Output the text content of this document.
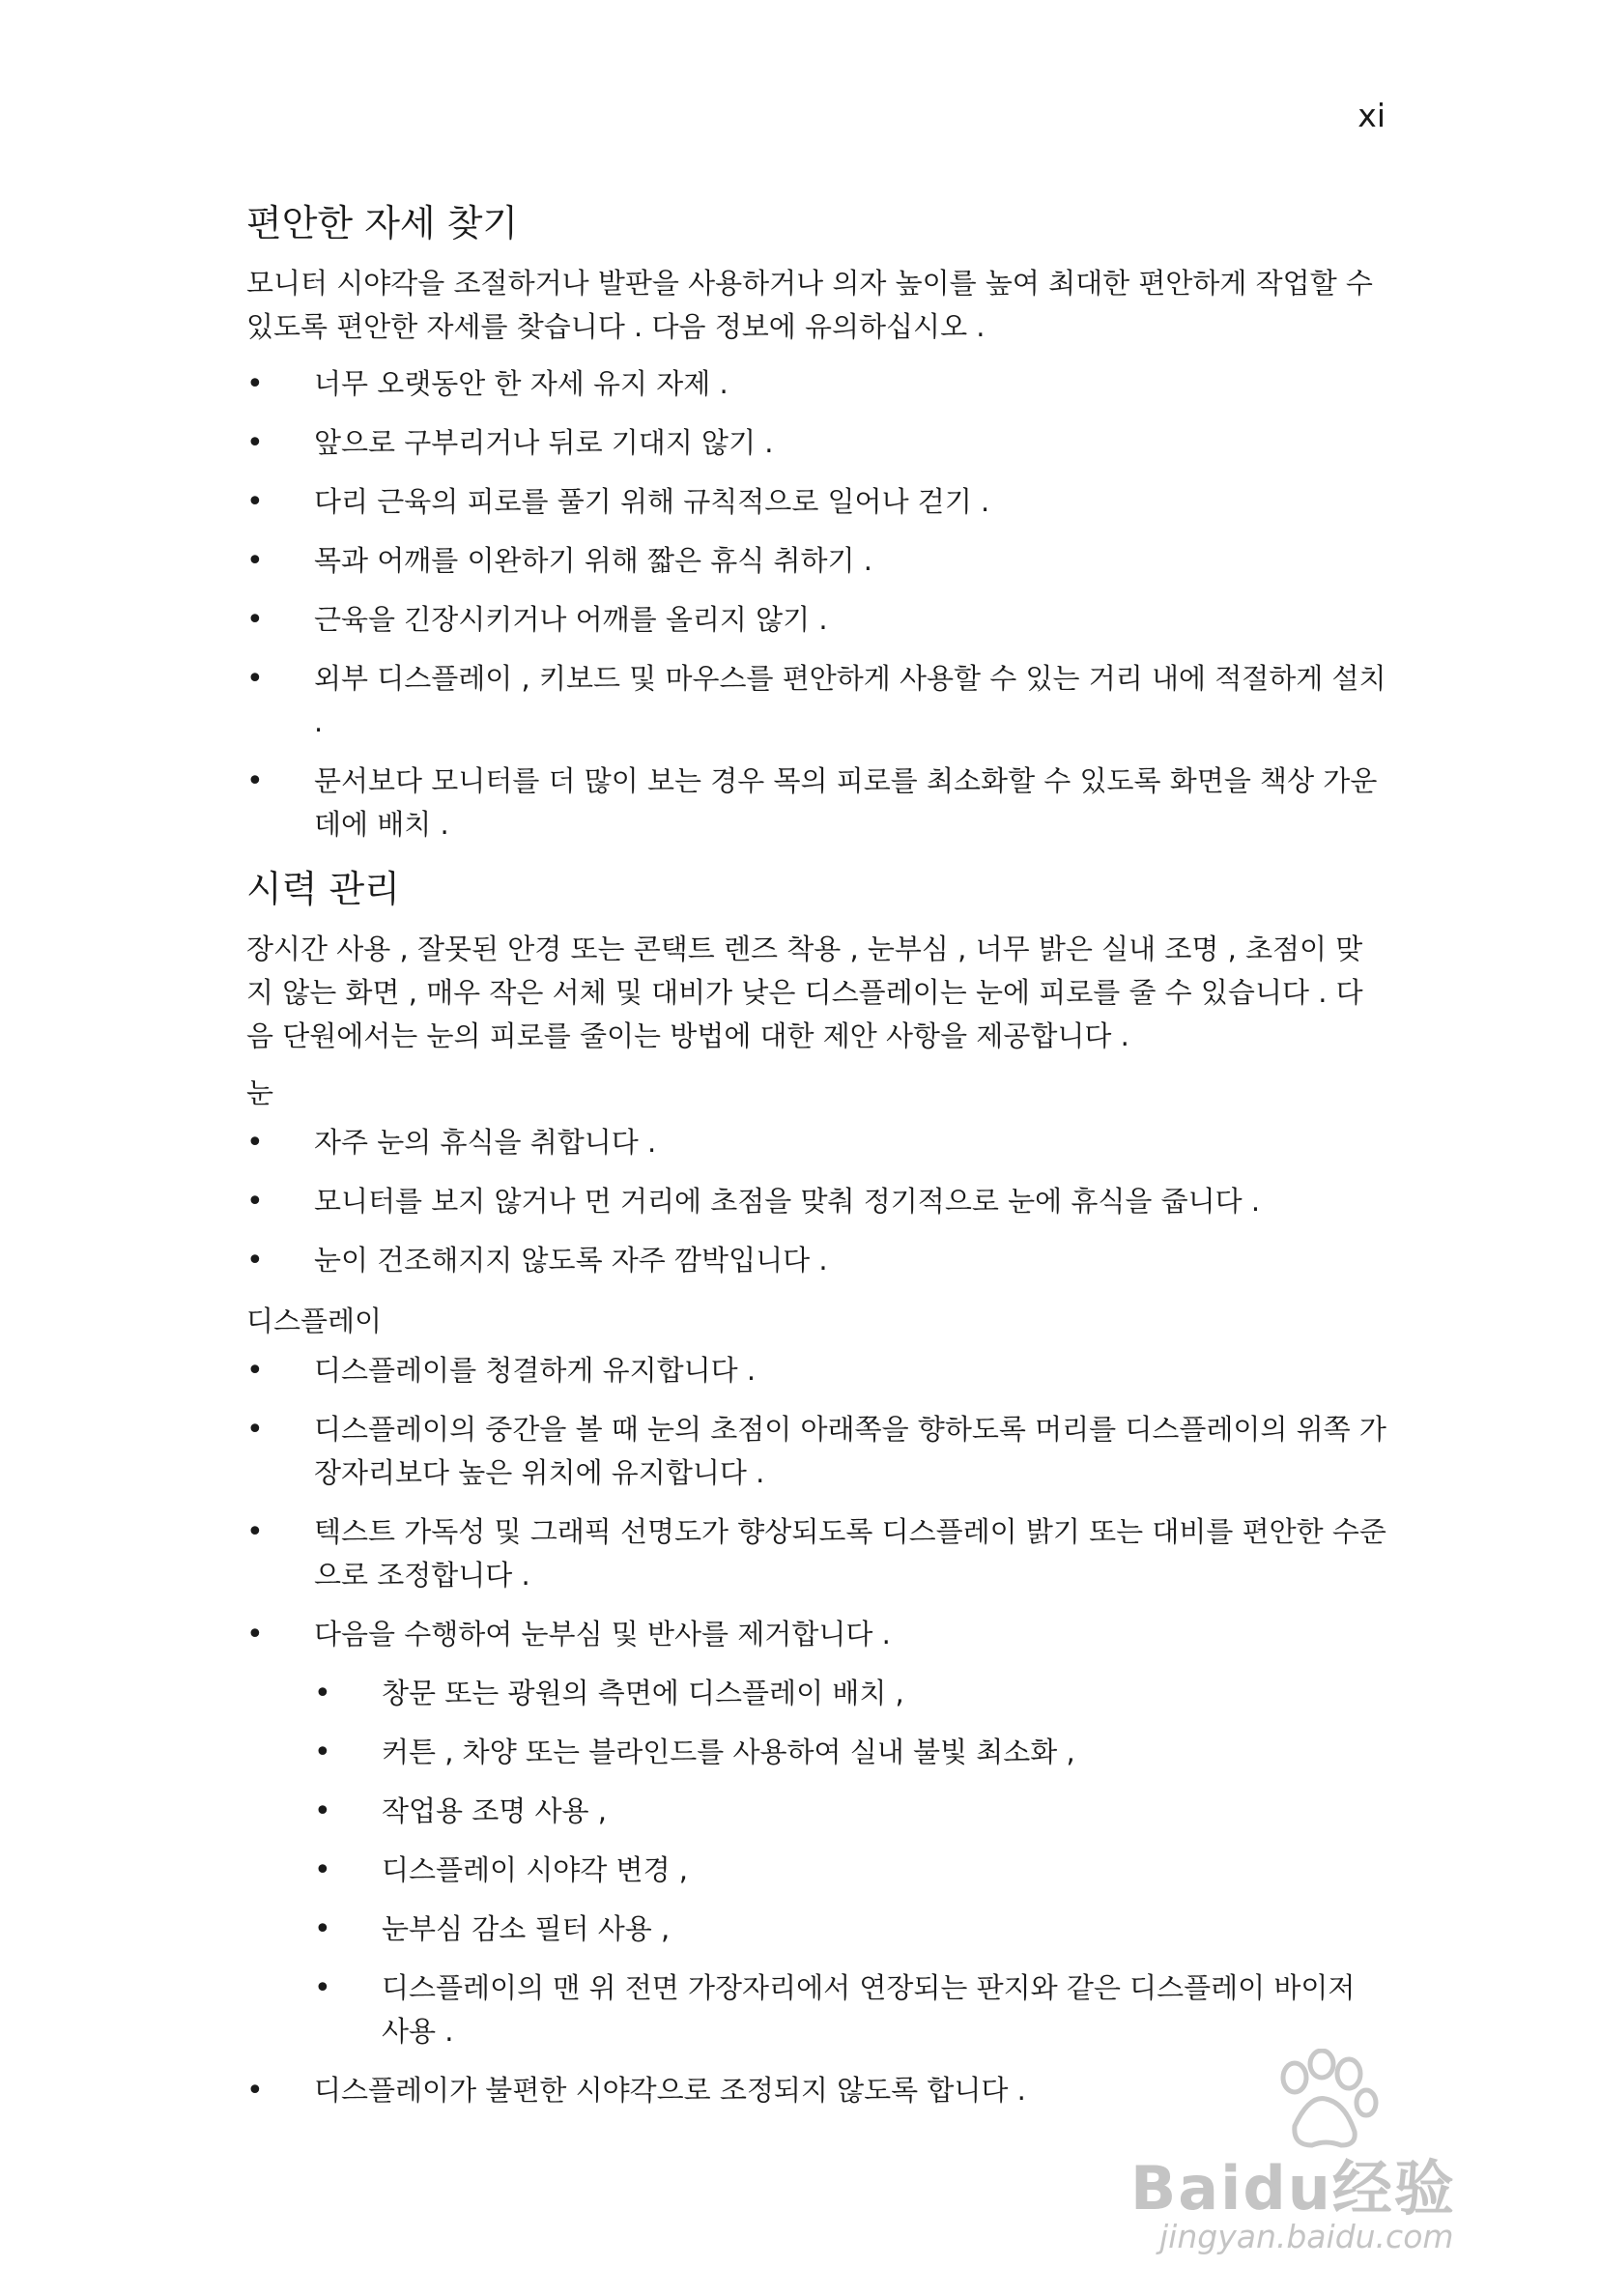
xi
편안한 자세 찾기

모니터 시야각을 조절하거나 발판을 사용하거나 의자 높이를 높여 최대한 편안하게 작업할 수 있도록 편안한 자세를 찾습니다 . 다음 정보에 유의하십시오 .

• 너무 오랫동안 한 자세 유지 자제 .
• 앞으로 구부리거나 뒤로 기대지 않기 .
• 다리 근육의 피로를 풀기 위해 규칙적으로 일어나 걷기 .
• 목과 어깨를 이완하기 위해 짧은 휴식 취하기 .
• 근육을 긴장시키거나 어깨를 올리지 않기 .
• 외부 디스플레이 , 키보드 및 마우스를 편안하게 사용할 수 있는 거리 내에 적절하게 설치 .
• 문서보다 모니터를 더 많이 보는 경우 목의 피로를 최소화할 수 있도록 화면을 책상 가운데에 배치 .
시력 관리

장시간 사용 , 잘못된 안경 또는 콘택트 렌즈 착용 , 눈부심 , 너무 밝은 실내 조명 , 초점이 맞지 않는 화면 , 매우 작은 서체 및 대비가 낮은 디스플레이는 눈에 피로를 줄 수 있습니다 . 다음 단원에서는 눈의 피로를 줄이는 방법에 대한 제안 사항을 제공합니다 .

눈
• 자주 눈의 휴식을 취합니다 .
• 모니터를 보지 않거나 먼 거리에 초점을 맞춰 정기적으로 눈에 휴식을 줍니다 .
• 눈이 건조해지지 않도록 자주 깜박입니다 .
디스플레이
• 디스플레이를 청결하게 유지합니다 .
• 디스플레이의 중간을 볼 때 눈의 초점이 아래쪽을 향하도록 머리를 디스플레이의 위쪽 가장자리보다 높은 위치에 유지합니다 .
• 텍스트 가독성 및 그래픽 선명도가 향상되도록 디스플레이 밝기 또는 대비를 편안한 수준으로 조정합니다 .
• 다음을 수행하여 눈부심 및 반사를 제거합니다 .
• 창문 또는 광원의 측면에 디스플레이 배치 ,
• 커튼 , 차양 또는 블라인드를 사용하여 실내 불빛 최소화 ,
• 작업용 조명 사용 ,
• 디스플레이 시야각 변경 ,
• 눈부심 감소 필터 사용 ,
• 디스플레이의 맨 위 전면 가장자리에서 연장되는 판지와 같은 디스플레이 바이저 사용 .
• 디스플레이가 불편한 시야각으로 조정되지 않도록 합니다 .
Baidu经验
jingyan.baidu.com
